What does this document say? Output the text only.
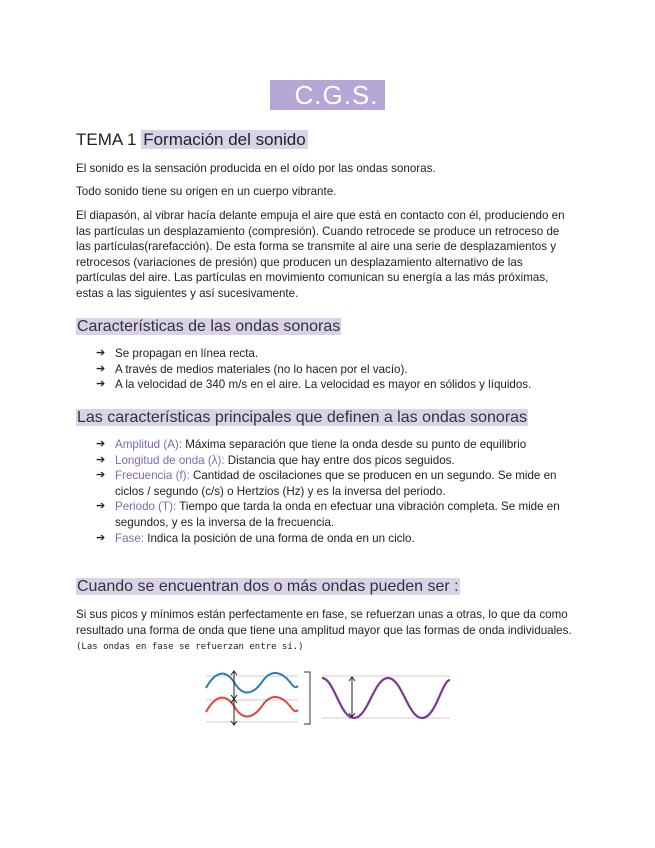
C.G.S.
TEMA 1 Formación del sonido
El sonido es la sensación producida en el oído por las ondas sonoras.
Todo sonido tiene su origen en un cuerpo vibrante.
El diapasón, al vibrar hacía delante empuja el aire que está en contacto con él, produciendo en las partículas un desplazamiento (compresión). Cuando retrocede se produce un retroceso de las partículas(rarefacción). De esta forma se transmite al aire una serie de desplazamientos y retrocesos (variaciones de presión) que producen un desplazamiento alternativo de las partículas del aire. Las partículas en movimiento comunican su energía a las más próximas, estas a las siguientes y así sucesivamente.
Características de las ondas sonoras
➔ Se propagan en línea recta.
➔ A través de medios materiales (no lo hacen por el vacío).
➔ A la velocidad de 340 m/s en el aire. La velocidad es mayor en sólidos y líquidos.
Las características principales que definen a las ondas sonoras
➔ Amplitud (A): Máxima separación que tiene la onda desde su punto de equilibrio
➔ Longitud de onda (λ): Distancia que hay entre dos picos seguidos.
➔ Frecuencia (f): Cantidad de oscilaciones que se producen en un segundo. Se mide en ciclos / segundo (c/s) o Hertzios (Hz) y es la inversa del periodo.
➔ Periodo (T): Tiempo que tarda la onda en efectuar una vibración completa. Se mide en segundos, y es la inversa de la frecuencia.
➔ Fase: Indica la posición de una forma de onda en un ciclo.
Cuando se encuentran dos o más ondas pueden ser :
Si sus picos y mínimos están perfectamente en fase, se refuerzan unas a otras, lo que da como resultado una forma de onda que tiene una amplitud mayor que las formas de onda individuales.(Las ondas en fase se refuerzan entre sí.)
